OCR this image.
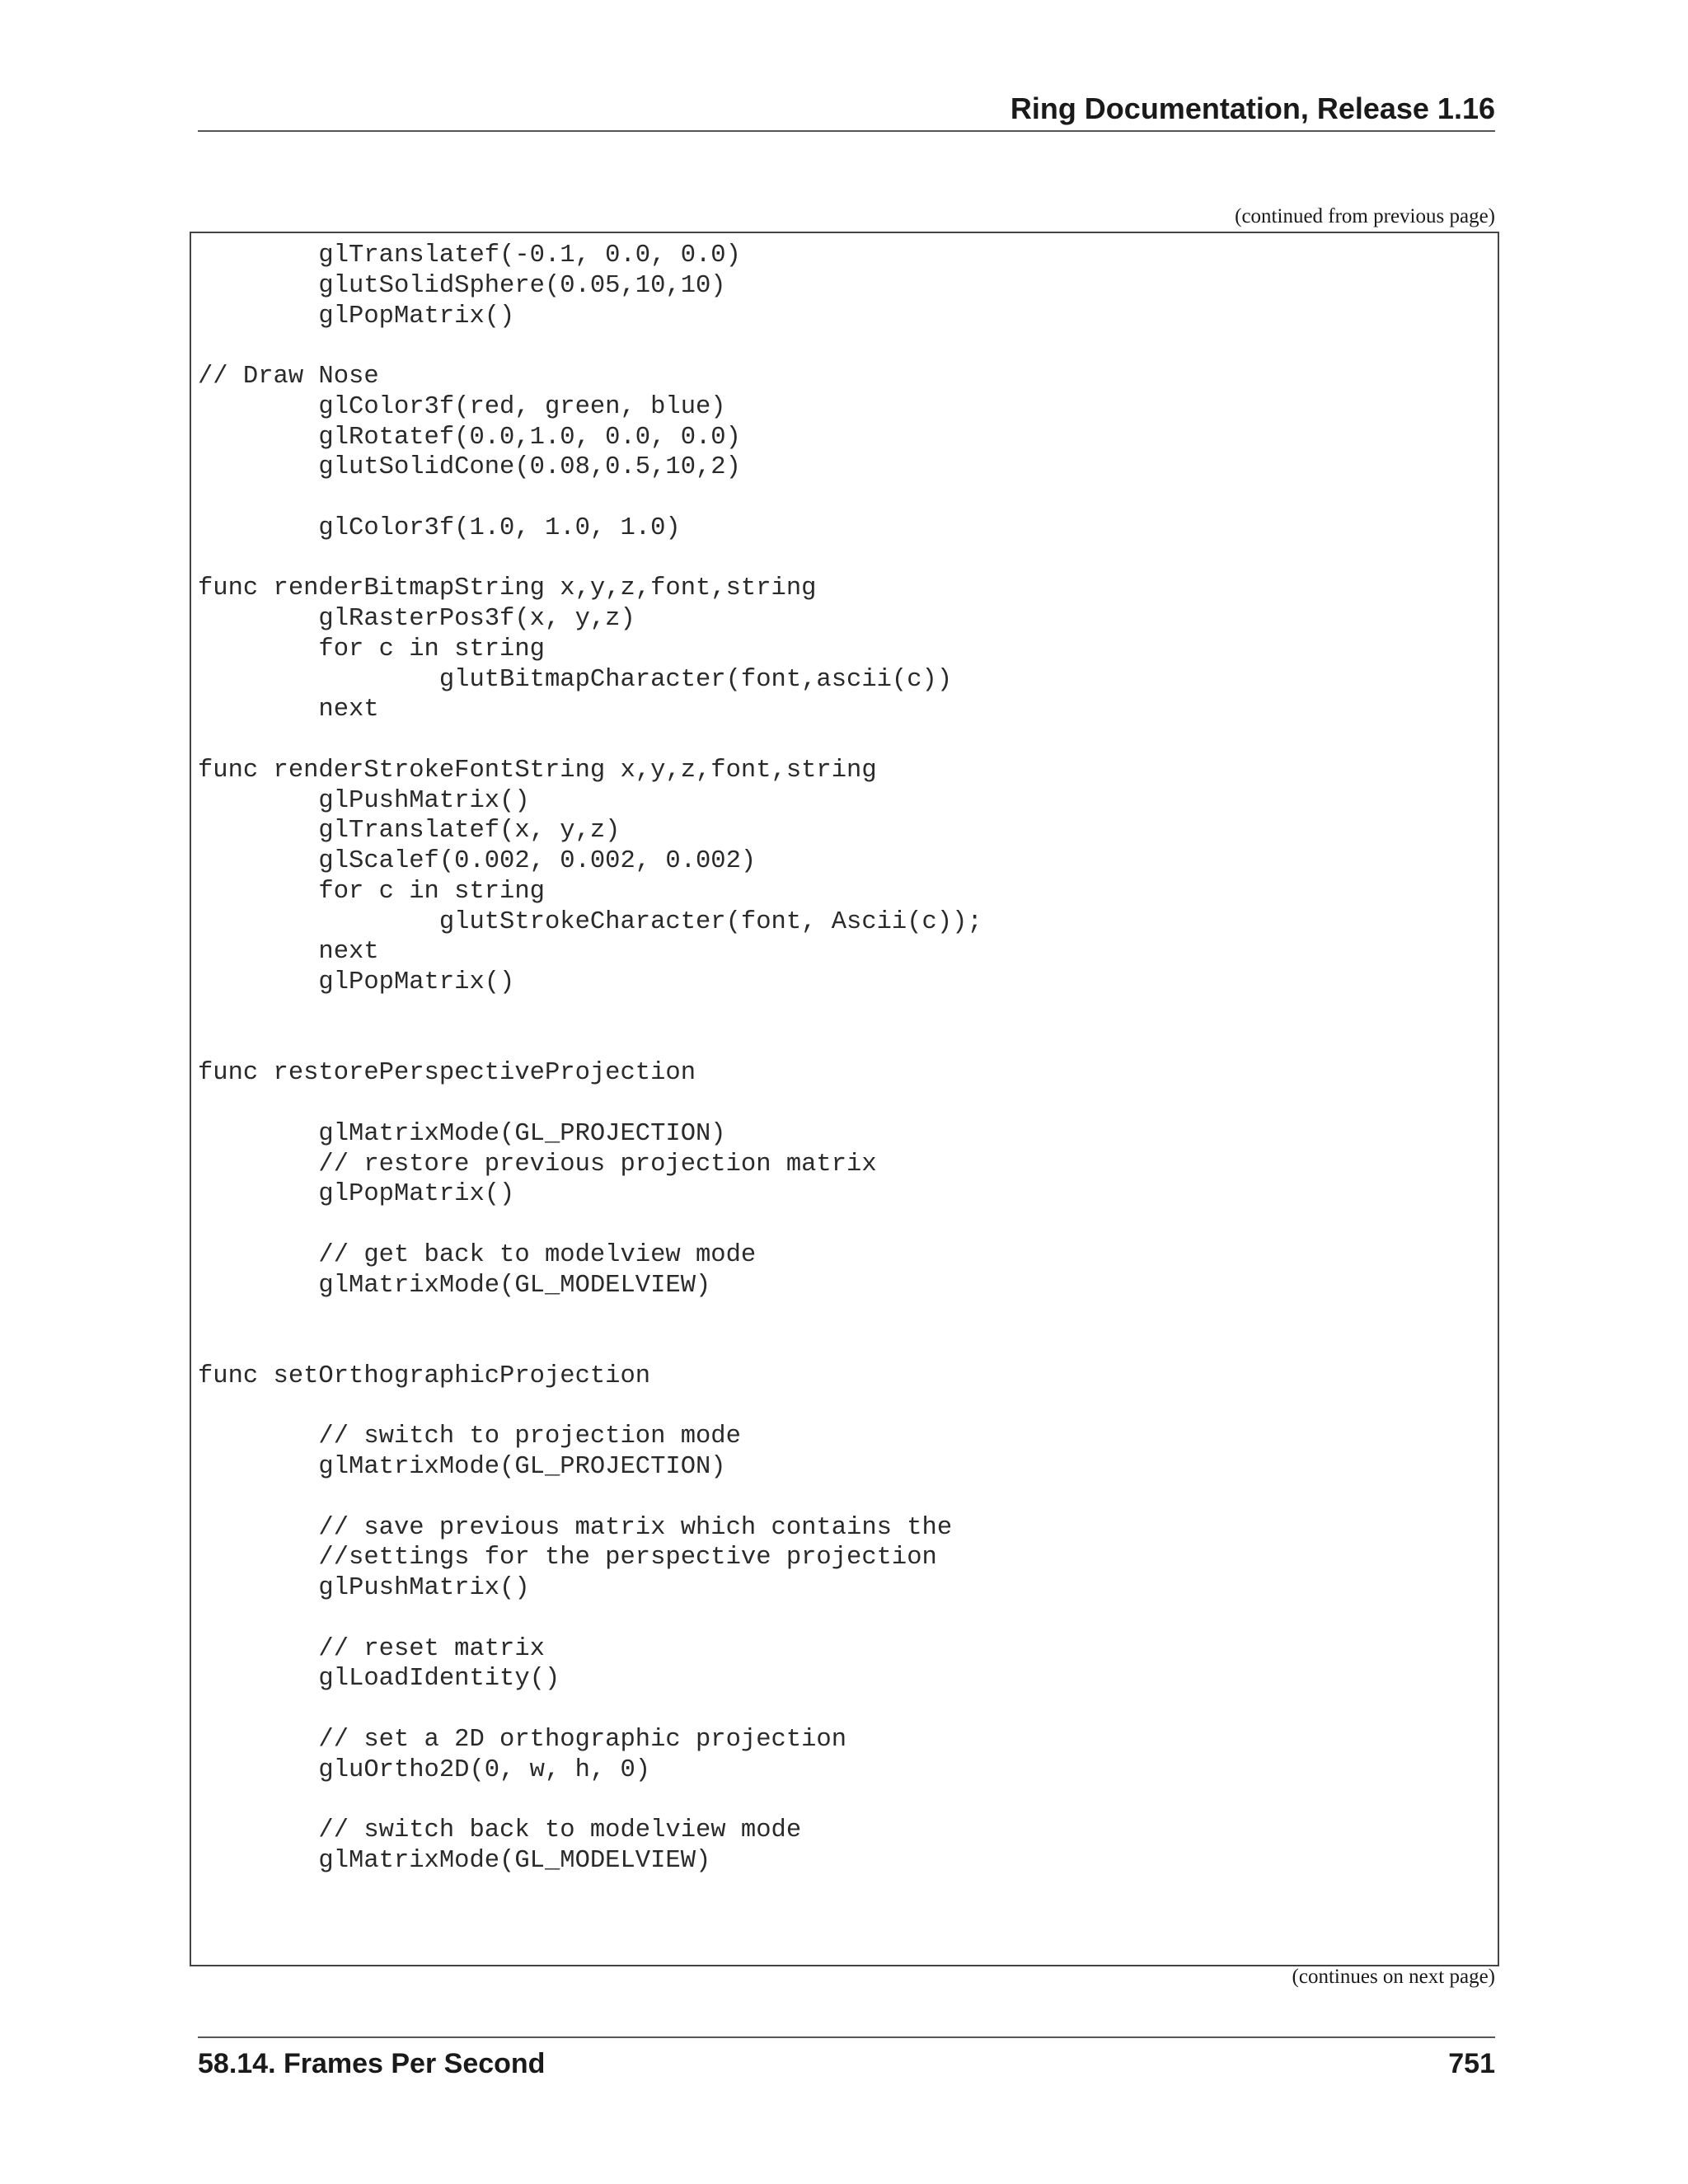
Ring Documentation, Release 1.16
(continued from previous page)
glTranslatef(-0.1, 0.0, 0.0)
glutSolidSphere(0.05,10,10)
glPopMatrix()
// Draw Nose
glColor3f(red, green, blue)
glRotatef(0.0,1.0, 0.0, 0.0)
glutSolidCone(0.08,0.5,10,2)
glColor3f(1.0, 1.0, 1.0)
func renderBitmapString x,y,z,font,string
glRasterPos3f(x, y,z)
for c in string
glutBitmapCharacter(font,ascii(c))
next
func renderStrokeFontString x,y,z,font,string
glPushMatrix()
glTranslatef(x, y,z)
glScalef(0.002, 0.002, 0.002)
for c in string
glutStrokeCharacter(font, Ascii(c));
next
glPopMatrix()
func restorePerspectiveProjection
glMatrixMode(GL_PROJECTION)
// restore previous projection matrix
glPopMatrix()
// get back to modelview mode
glMatrixMode(GL_MODELVIEW)
func setOrthographicProjection
// switch to projection mode
glMatrixMode(GL_PROJECTION)
// save previous matrix which contains the
//settings for the perspective projection
glPushMatrix()
// reset matrix
glLoadIdentity()
// set a 2D orthographic projection
gluOrtho2D(0, w, h, 0)
// switch back to modelview mode
glMatrixMode(GL_MODELVIEW)
(continues on next page)
58.14. Frames Per Second	751
